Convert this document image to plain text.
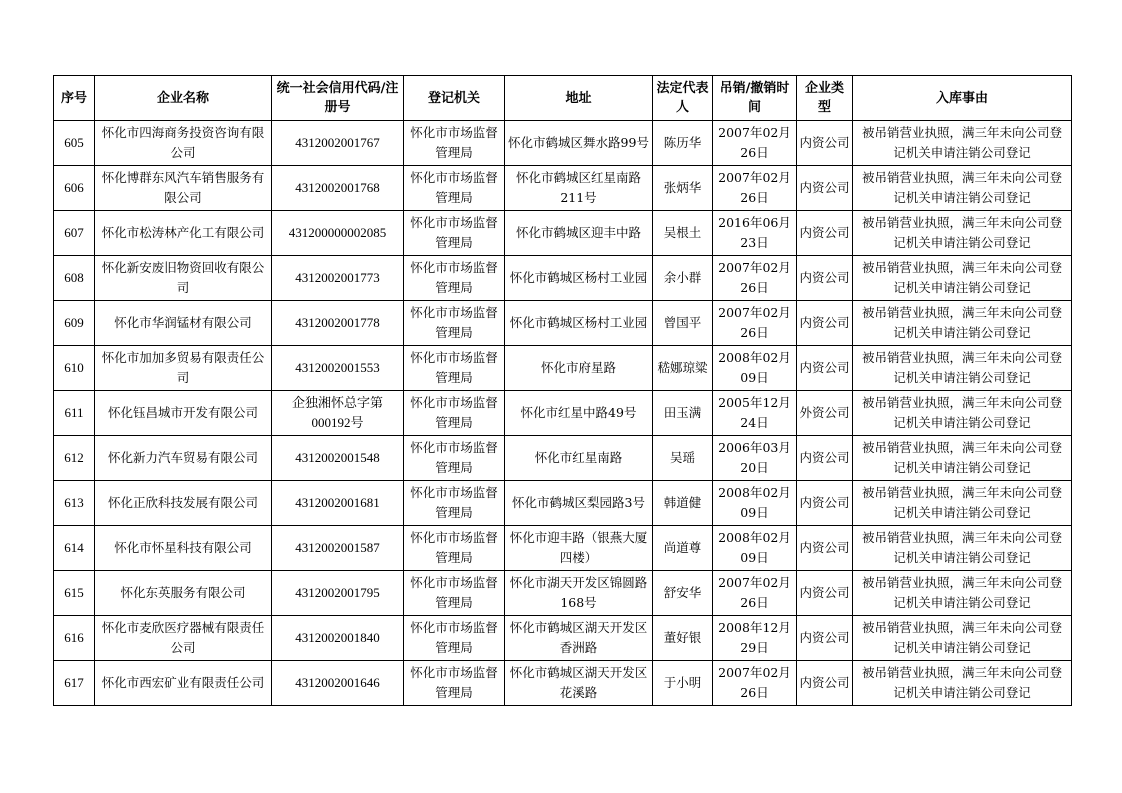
序号	企业名称	统一社会信用代码/注册号	登记机关	地址	法定代表人	吊销/撤销时间	企业类型	入库事由
605	怀化市四海商务投资咨询有限公司	4312002001767	怀化市市场监督管理局	怀化市鹤城区舞水路99号	陈历华	2007年02月26日	内资公司	被吊销营业执照，满三年未向公司登记机关申请注销公司登记
606	怀化博群东风汽车销售服务有限公司	4312002001768	怀化市市场监督管理局	怀化市鹤城区红星南路211号	张炳华	2007年02月26日	内资公司	被吊销营业执照，满三年未向公司登记机关申请注销公司登记
607	怀化市松涛林产化工有限公司	431200000002085	怀化市市场监督管理局	怀化市鹤城区迎丰中路	吴根土	2016年06月23日	内资公司	被吊销营业执照，满三年未向公司登记机关申请注销公司登记
608	怀化新安废旧物资回收有限公司	4312002001773	怀化市市场监督管理局	怀化市鹤城区杨村工业园	余小群	2007年02月26日	内资公司	被吊销营业执照，满三年未向公司登记机关申请注销公司登记
609	怀化市华润锰材有限公司	4312002001778	怀化市市场监督管理局	怀化市鹤城区杨村工业园	曾国平	2007年02月26日	内资公司	被吊销营业执照，满三年未向公司登记机关申请注销公司登记
610	怀化市加加多贸易有限责任公司	4312002001553	怀化市市场监督管理局	怀化市府星路	嵇娜琼粱	2008年02月09日	内资公司	被吊销营业执照，满三年未向公司登记机关申请注销公司登记
611	怀化钰昌城市开发有限公司	企独湘怀总字第000192号	怀化市市场监督管理局	怀化市红星中路49号	田玉满	2005年12月24日	外资公司	被吊销营业执照，满三年未向公司登记机关申请注销公司登记
612	怀化新力汽车贸易有限公司	4312002001548	怀化市市场监督管理局	怀化市红星南路	吴瑶	2006年03月20日	内资公司	被吊销营业执照，满三年未向公司登记机关申请注销公司登记
613	怀化正欣科技发展有限公司	4312002001681	怀化市市场监督管理局	怀化市鹤城区梨园路3号	韩道健	2008年02月09日	内资公司	被吊销营业执照，满三年未向公司登记机关申请注销公司登记
614	怀化市怀星科技有限公司	4312002001587	怀化市市场监督管理局	怀化市迎丰路（银燕大厦四楼）	尚道尊	2008年02月09日	内资公司	被吊销营业执照，满三年未向公司登记机关申请注销公司登记
615	怀化东英服务有限公司	4312002001795	怀化市市场监督管理局	怀化市湖天开发区锦圆路168号	舒安华	2007年02月26日	内资公司	被吊销营业执照，满三年未向公司登记机关申请注销公司登记
616	怀化市麦欣医疗器械有限责任公司	4312002001840	怀化市市场监督管理局	怀化市鹤城区湖天开发区香洲路	董好银	2008年12月29日	内资公司	被吊销营业执照，满三年未向公司登记机关申请注销公司登记
617	怀化市西宏矿业有限责任公司	4312002001646	怀化市市场监督管理局	怀化市鹤城区湖天开发区花溪路	于小明	2007年02月26日	内资公司	被吊销营业执照，满三年未向公司登记机关申请注销公司登记
